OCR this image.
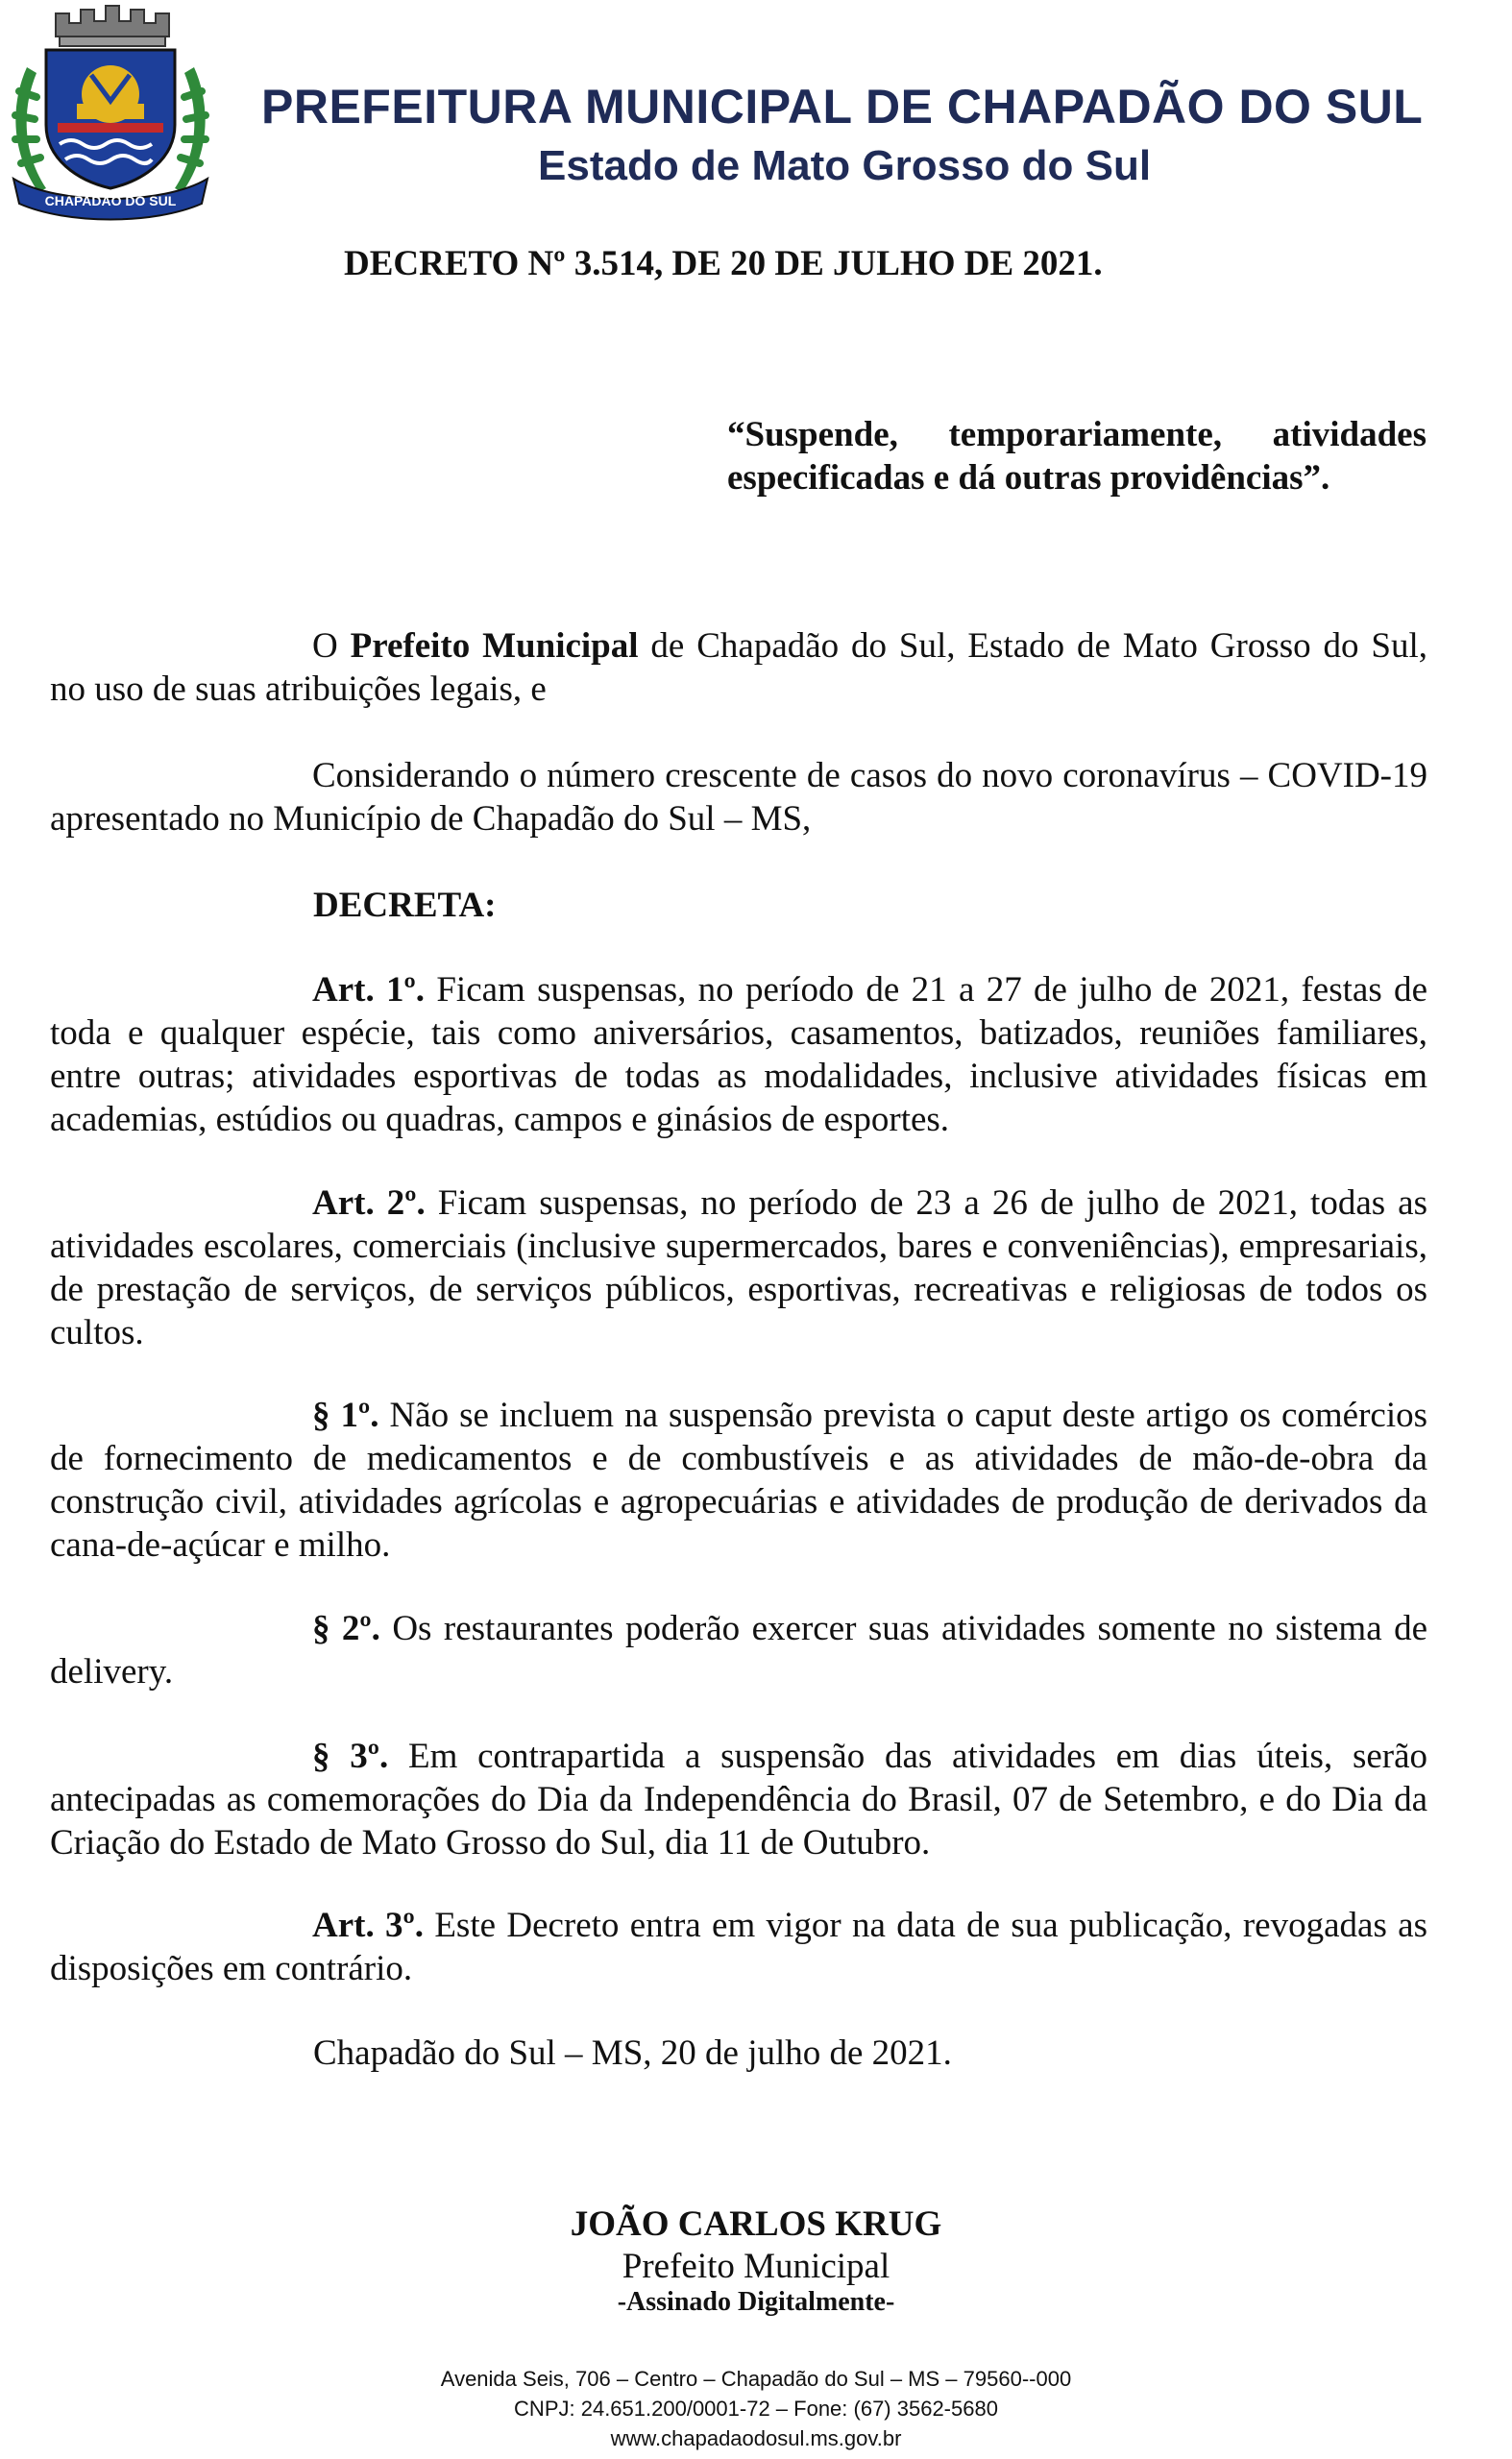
CHAPADÃO DO SUL
PREFEITURA MUNICIPAL DE CHAPADÃO DO SUL
Estado de Mato Grosso do Sul
DECRETO Nº 3.514, DE 20 DE JULHO DE 2021.
“Suspende, temporariamente, atividades
especificadas e dá outras providências”.
O Prefeito Municipal de Chapadão do Sul, Estado de Mato Grosso do Sul, no uso de suas atribuições legais, e
Considerando o número crescente de casos do novo coronavírus – COVID-19 apresentado no Município de Chapadão do Sul – MS,
DECRETA:
Art. 1º. Ficam suspensas, no período de 21 a 27 de julho de 2021, festas de toda e qualquer espécie, tais como aniversários, casamentos, batizados, reuniões familiares, entre outras; atividades esportivas de todas as modalidades, inclusive atividades físicas em academias, estúdios ou quadras, campos e ginásios de esportes.
Art. 2º. Ficam suspensas, no período de 23 a 26 de julho de 2021, todas as atividades escolares, comerciais (inclusive supermercados, bares e conveniências), empresariais, de prestação de serviços, de serviços públicos, esportivas, recreativas e religiosas de todos os cultos.
§ 1º. Não se incluem na suspensão prevista o caput deste artigo os comércios de fornecimento de medicamentos e de combustíveis e as atividades de mão-de-obra da construção civil, atividades agrícolas e agropecuárias e atividades de produção de derivados da cana-de-açúcar e milho.
§ 2º. Os restaurantes poderão exercer suas atividades somente no sistema de delivery.
§ 3º. Em contrapartida a suspensão das atividades em dias úteis, serão antecipadas as comemorações do Dia da Independência do Brasil, 07 de Setembro, e do Dia da Criação do Estado de Mato Grosso do Sul, dia 11 de Outubro.
Art. 3º. Este Decreto entra em vigor na data de sua publicação, revogadas as disposições em contrário.
Chapadão do Sul – MS, 20 de julho de 2021.
JOÃO CARLOS KRUG
Prefeito Municipal
-Assinado Digitalmente-
Avenida Seis, 706 – Centro – Chapadão do Sul – MS – 79560--000
CNPJ: 24.651.200/0001-72 – Fone: (67) 3562-5680
www.chapadaodosul.ms.gov.br
